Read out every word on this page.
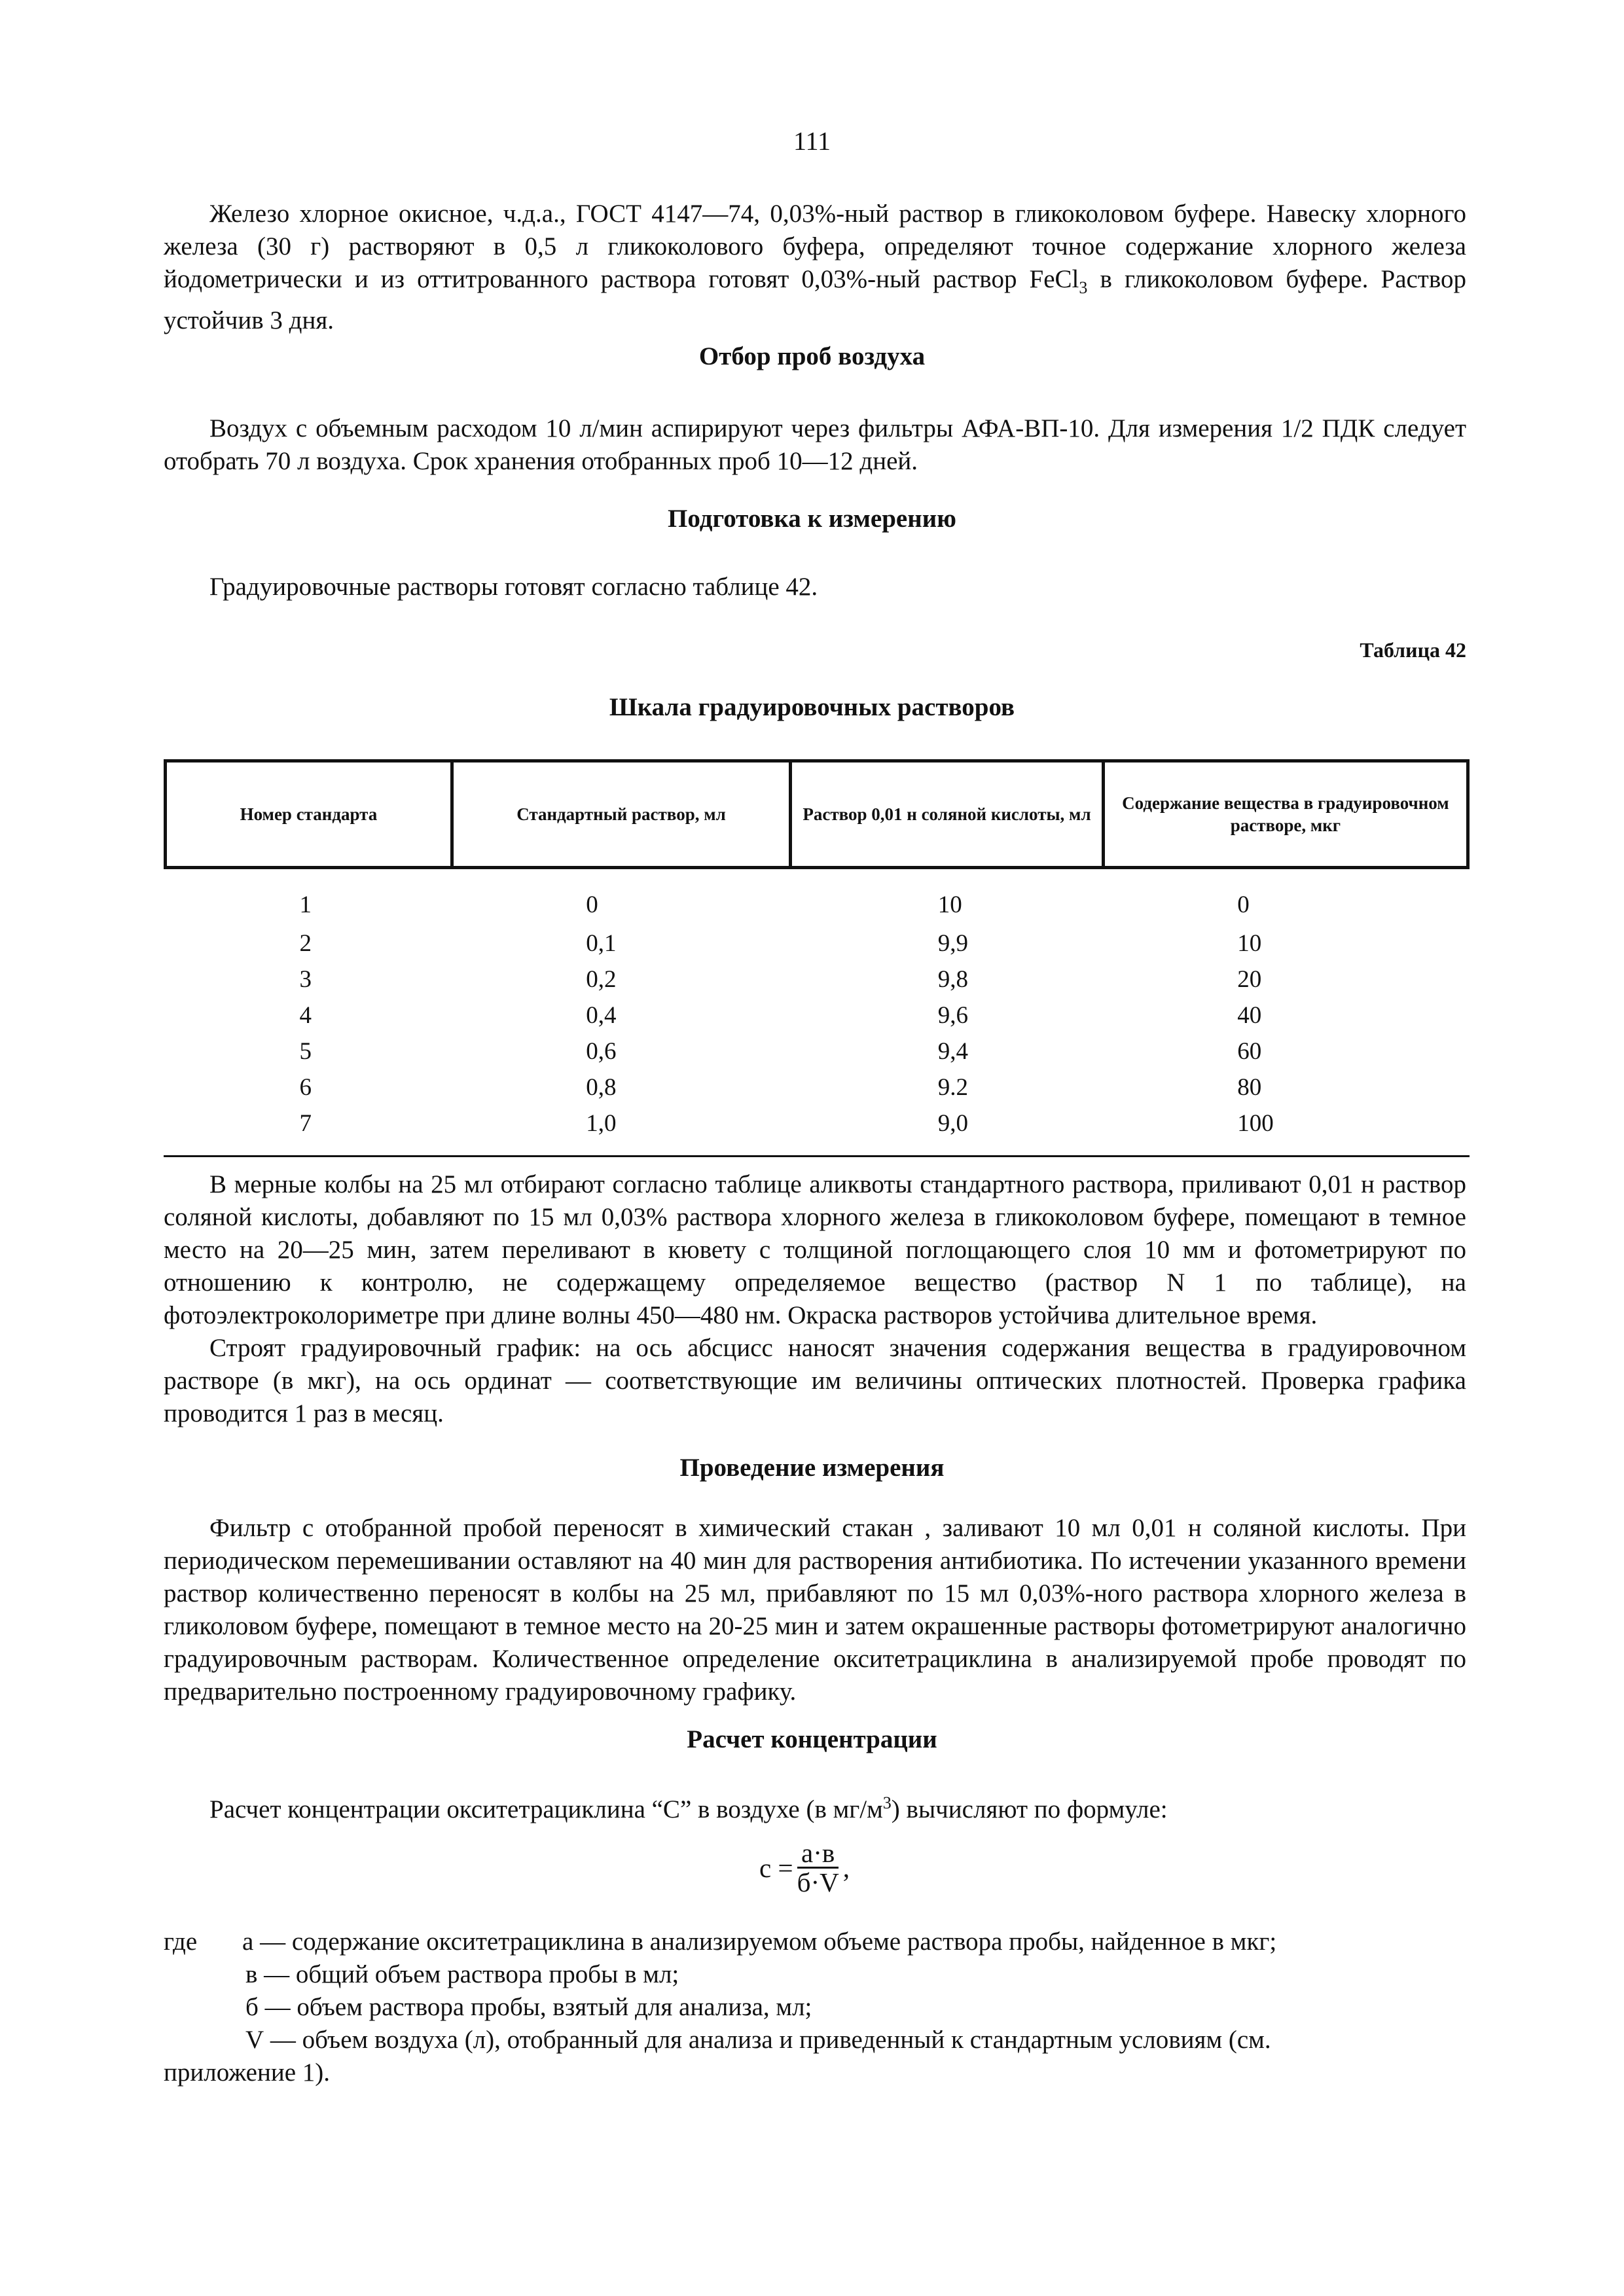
111

Железо хлорное окисное, ч.д.а., ГОСТ 4147—74, 0,03%-ный раствор в гликоколовом буфере. Навеску хлорного железа (30 г) растворяют в 0,5 л гликоколового буфера, определяют точное содержание хлорного железа йодометрически и из оттитрованного раствора готовят 0,03%-ный раствор FeCl$_3$ в гликоколовом буфере. Раствор устойчив 3 дня.

Отбор проб воздуха

Воздух с объемным расходом 10 л/мин аспирируют через фильтры АФА-ВП-10. Для измерения 1/2 ПДК следует отобрать 70 л воздуха. Срок хранения отобранных проб 10—12 дней.

Подготовка к измерению

Градуировочные растворы готовят согласно таблице 42.

Таблица 42
Шкала градуировочных растворов
Номер стандарта	Стандартный раствор, мл	Раствор 0,01 н соляной кислоты, мл	Содержание вещества в градуировочном растворе, мкг
1	0	10	0
2	0,1	9,9	10
3	0,2	9,8	20
4	0,4	9,6	40
5	0,6	9,4	60
6	0,8	9.2	80
7	1,0	9,0	100

В мерные колбы на 25 мл отбирают согласно таблице аликвоты стандартного раствора, приливают 0,01 н раствор соляной кислоты, добавляют по 15 мл 0,03% раствора хлорного железа в гликоколовом буфере, помещают в темное место на 20—25 мин, затем переливают в кювету с толщиной поглощающего слоя 10 мм и фотометрируют по отношению к контролю, не содержащему определяемое вещество (раствор N 1 по таблице), на фотоэлектроколориметре при длине волны 450—480 нм. Окраска растворов устойчива длительное время.

Строят градуировочный график: на ось абсцисс наносят значения содержания вещества в градуировочном растворе (в мкг), на ось ординат — соответствующие им величины оптических плотностей. Проверка графика проводится 1 раз в месяц.

Проведение измерения

Фильтр с отобранной пробой переносят в химический стакан , заливают 10 мл 0,01 н соляной кислоты. При периодическом перемешивании оставляют на 40 мин для растворения антибиотика. По истечении указанного времени раствор количественно переносят в колбы на 25 мл, прибавляют по 15 мл 0,03%-ного раствора хлорного железа в гликоловом буфере, помещают в темное место на 20-25 мин и затем окрашенные растворы фотометрируют аналогично градуировочным растворам. Количественное определение окситетрациклина в анализируемой пробе проводят по предварительно построенному градуировочному графику.

Расчет концентрации

Расчет концентрации окситетрациклина “С” в воздухе (в $мг/м^3$) вычисляют по формуле:

$с = \frac{а\cdot в}{б\cdot V}$ ,
где	а — содержание окситетрациклина в анализируемом объеме раствора пробы, найденное в мкг;
в — общий объем раствора пробы в мл;
б — объем раствора пробы, взятый для анализа, мл;
V — объем воздуха (л), отобранный для анализа и приведенный к стандартным условиям (см.
приложение 1).
